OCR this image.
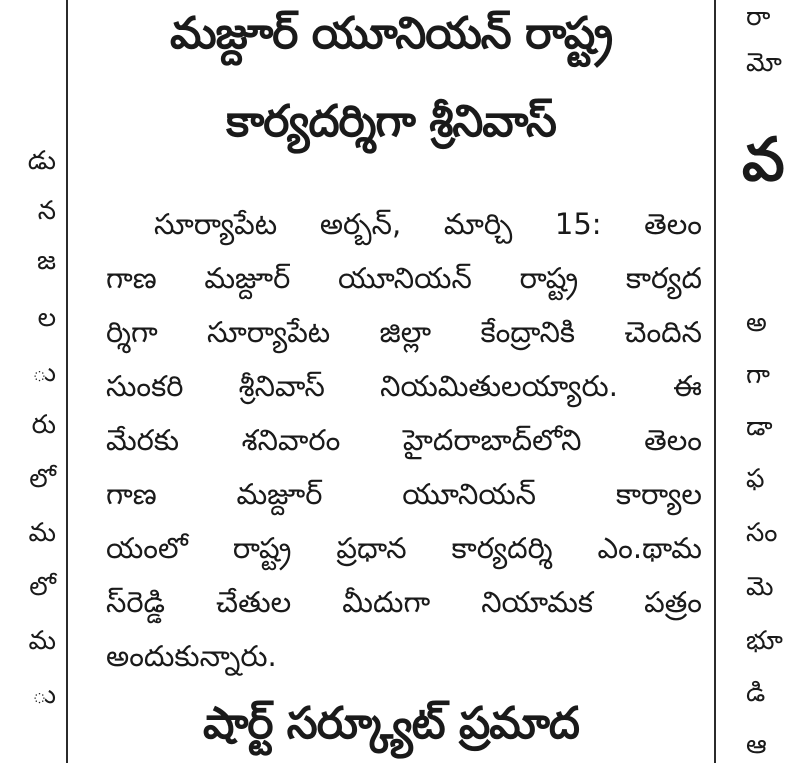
డు
న
జ
ల
ు
రు
లో
మ
లో
మ
ు
మజ్దూర్ యూనియన్ రాష్ట్ర
కార్యదర్శిగా శ్రీనివాస్
సూర్యాపేట అర్బన్, మార్చి 15: తెలం
గాణ మజ్దూర్ యూనియన్ రాష్ట్ర కార్యద
ర్శిగా సూర్యాపేట జిల్లా కేంద్రానికి చెందిన
సుంకరి శ్రీనివాస్ నియమితులయ్యారు. ఈ
మేరకు శనివారం హైదరాబాద్‌లోని తెలం
గాణ మజ్దూర్ యూనియన్ కార్యాల
యంలో రాష్ట్ర ప్రధాన కార్యదర్శి ఎం.థామ
స్‌రెడ్డి చేతుల మీదుగా నియామక పత్రం
అందుకున్నారు.
షార్ట్ సర్క్యూట్ ప్రమాద
రా
మో
వ
అ
గా
డా
ఫ
సం
మె
భూ
డి
ఆ
